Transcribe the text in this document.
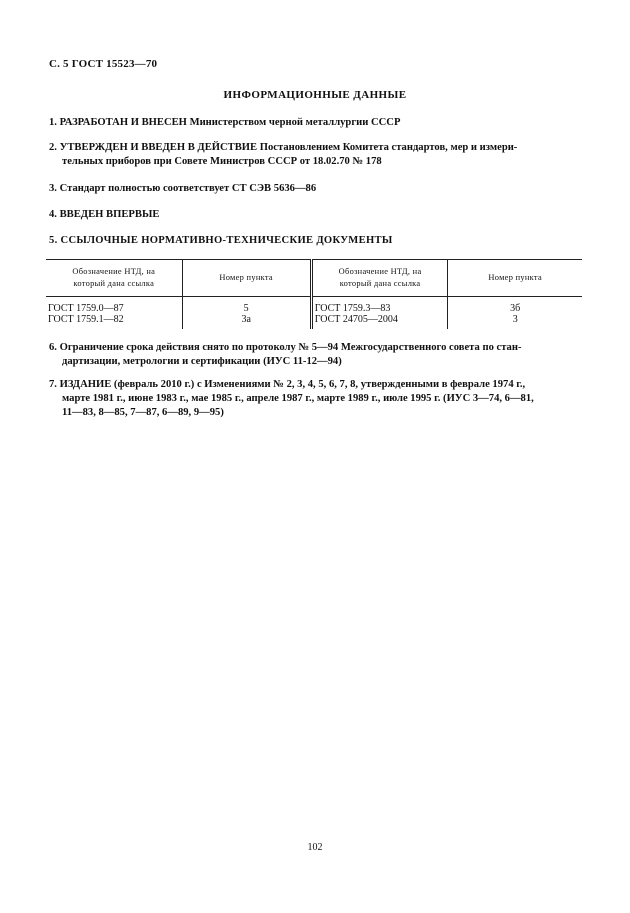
С. 5 ГОСТ 15523—70
ИНФОРМАЦИОННЫЕ ДАННЫЕ
1. РАЗРАБОТАН И ВНЕСЕН Министерством черной металлургии СССР
2. УТВЕРЖДЕН И ВВЕДЕН В ДЕЙСТВИЕ Постановлением Комитета стандартов, мер и измери-
тельных приборов при Совете Министров СССР от 18.02.70 № 178
3. Стандарт полностью соответствует СТ СЭВ 5636—86
4. ВВЕДЕН ВПЕРВЫЕ
5. ССЫЛОЧНЫЕ НОРМАТИВНО-ТЕХНИЧЕСКИЕ ДОКУМЕНТЫ
Обозначение НТД, на
который дана ссылка	Номер пункта	Обозначение НТД, на
который дана ссылка	Номер пункта
ГОСТ 1759.0—87	5	ГОСТ 1759.3—83	3б
ГОСТ 1759.1—82	3а	ГОСТ 24705—2004	3
6. Ограничение срока действия снято по протоколу № 5—94 Межгосударственного совета по стан-
дартизации, метрологии и сертификации (ИУС 11-12—94)
7. ИЗДАНИЕ (февраль 2010 г.) с Изменениями № 2, 3, 4, 5, 6, 7, 8, утвержденными в феврале 1974 г.,
марте 1981 г., июне 1983 г., мае 1985 г., апреле 1987 г., марте 1989 г., июле 1995 г. (ИУС 3—74, 6—81,
11—83, 8—85, 7—87, 6—89, 9—95)
102
